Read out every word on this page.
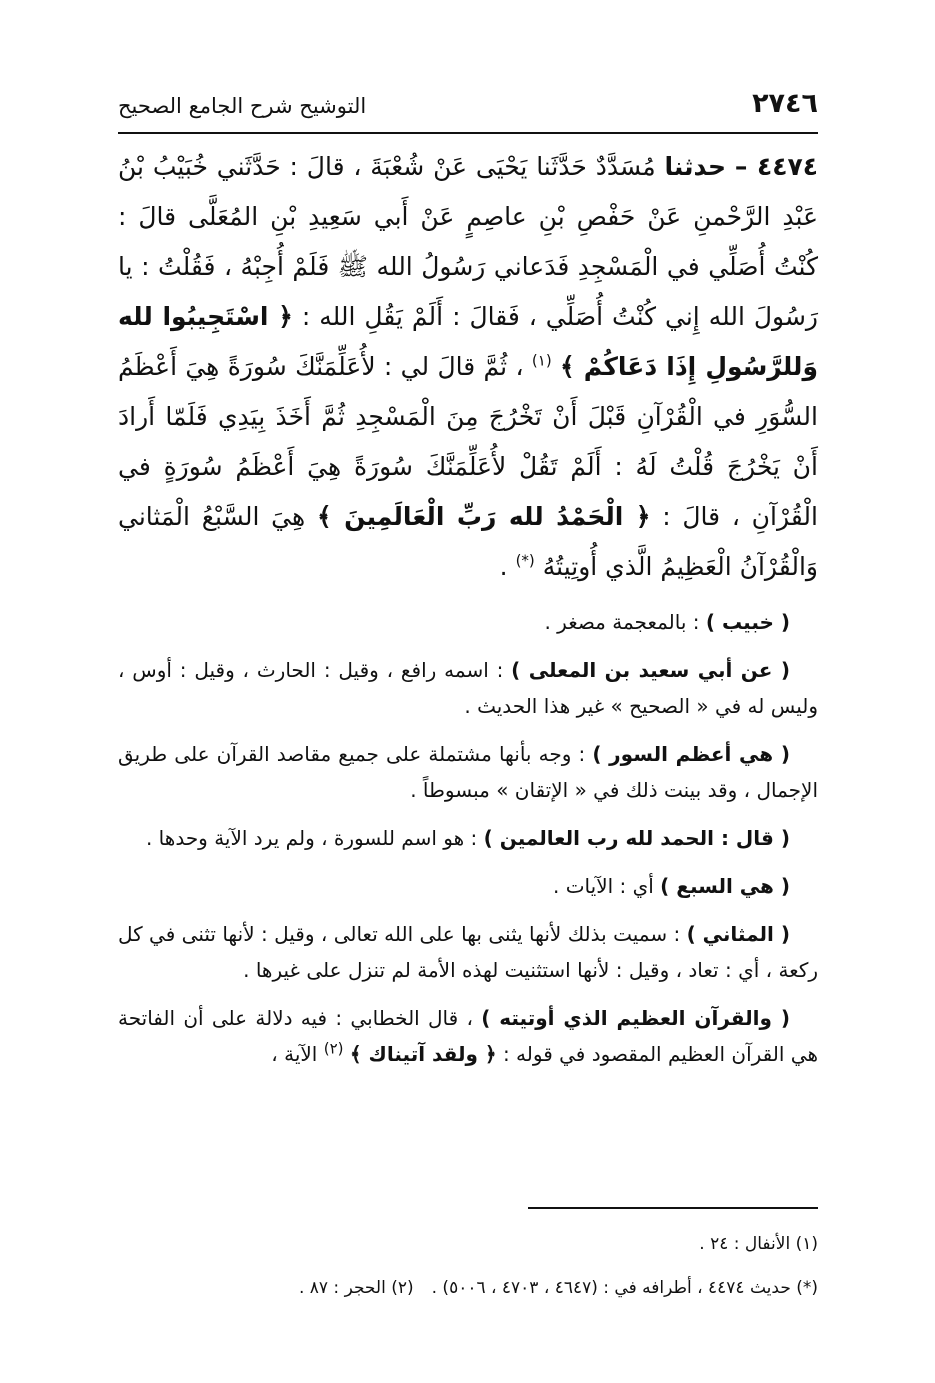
٢٧٤٦
التوشيح شرح الجامع الصحيح

٤٤٧٤ – حدثنا مُسَدَّدٌ حَدَّثَنا يَحْيَى عَنْ شُعْبَةَ ، قالَ : حَدَّثَني خُبَيْبُ بْنُ عَبْدِ الرَّحْمنِ عَنْ حَفْصِ بْنِ عاصِمٍ عَنْ أَبي سَعِيدِ بْنِ المُعَلَّى قالَ : كُنْتُ أُصَلِّي في الْمَسْجِدِ فَدَعاني رَسُولُ الله ﷺ فَلَمْ أُجِبْهُ ، فَقُلْتُ : يا رَسُولَ الله إِني كُنْتُ أُصَلِّي ، فَقالَ : أَلَمْ يَقُلِ الله : ﴿ اسْتَجِيبُوا لله وَللرَّسُولِ إِذَا دَعَاكُمْ ﴾ $^{(١)}$ ، ثُمَّ قالَ لي : لأُعَلِّمَنَّكَ سُورَةً هِيَ أَعْظَمُ السُّوَرِ في الْقُرْآنِ قَبْلَ أَنْ تَخْرُجَ مِنَ الْمَسْجِدِ ثُمَّ أَخَذَ بِيَدِي فَلَمّا أَرادَ أَنْ يَخْرُجَ قُلْتُ لَهُ : أَلَمْ تَقُلْ لأُعَلِّمَنَّكَ سُورَةً هِيَ أَعْظَمُ سُورَةٍ في الْقُرْآنِ ، قالَ : ﴿ الْحَمْدُ لله رَبِّ الْعَالَمِينَ ﴾ هِيَ السَّبْعُ الْمَثاني وَالْقُرْآنُ الْعَظِيمُ الَّذي أُوتِيتُهُ (*) .

( خبيب ) : بالمعجمة مصغر .

( عن أبي سعيد بن المعلى ) : اسمه رافع ، وقيل : الحارث ، وقيل : أوس ، وليس له في « الصحيح » غير هذا الحديث .

( هي أعظم السور ) : وجه بأنها مشتملة على جميع مقاصد القرآن على طريق الإجمال ، وقد بينت ذلك في « الإتقان » مبسوطاً .

( قال : الحمد لله رب العالمين ) : هو اسم للسورة ، ولم يرد الآية وحدها .

( هي السبع ) أي : الآيات .

( المثاني ) : سميت بذلك لأنها يثنى بها على الله تعالى ، وقيل : لأنها تثنى في كل ركعة ، أي : تعاد ، وقيل : لأنها استثنيت لهذه الأمة لم تنزل على غيرها .

( والقرآن العظيم الذي أوتيته ) ، قال الخطابي : فيه دلالة على أن الفاتحة هي القرآن العظيم المقصود في قوله : ﴿ ولقد آتيناك ﴾ $^{(٢)}$ الآية ،

(١) الأنفال : ٢٤ .

(*) حديث ٤٤٧٤ ، أطرافه في : (٤٦٤٧ ، ٤٧٠٣ ، ٥٠٠٦) .(٢) الحجر : ٨٧ .
